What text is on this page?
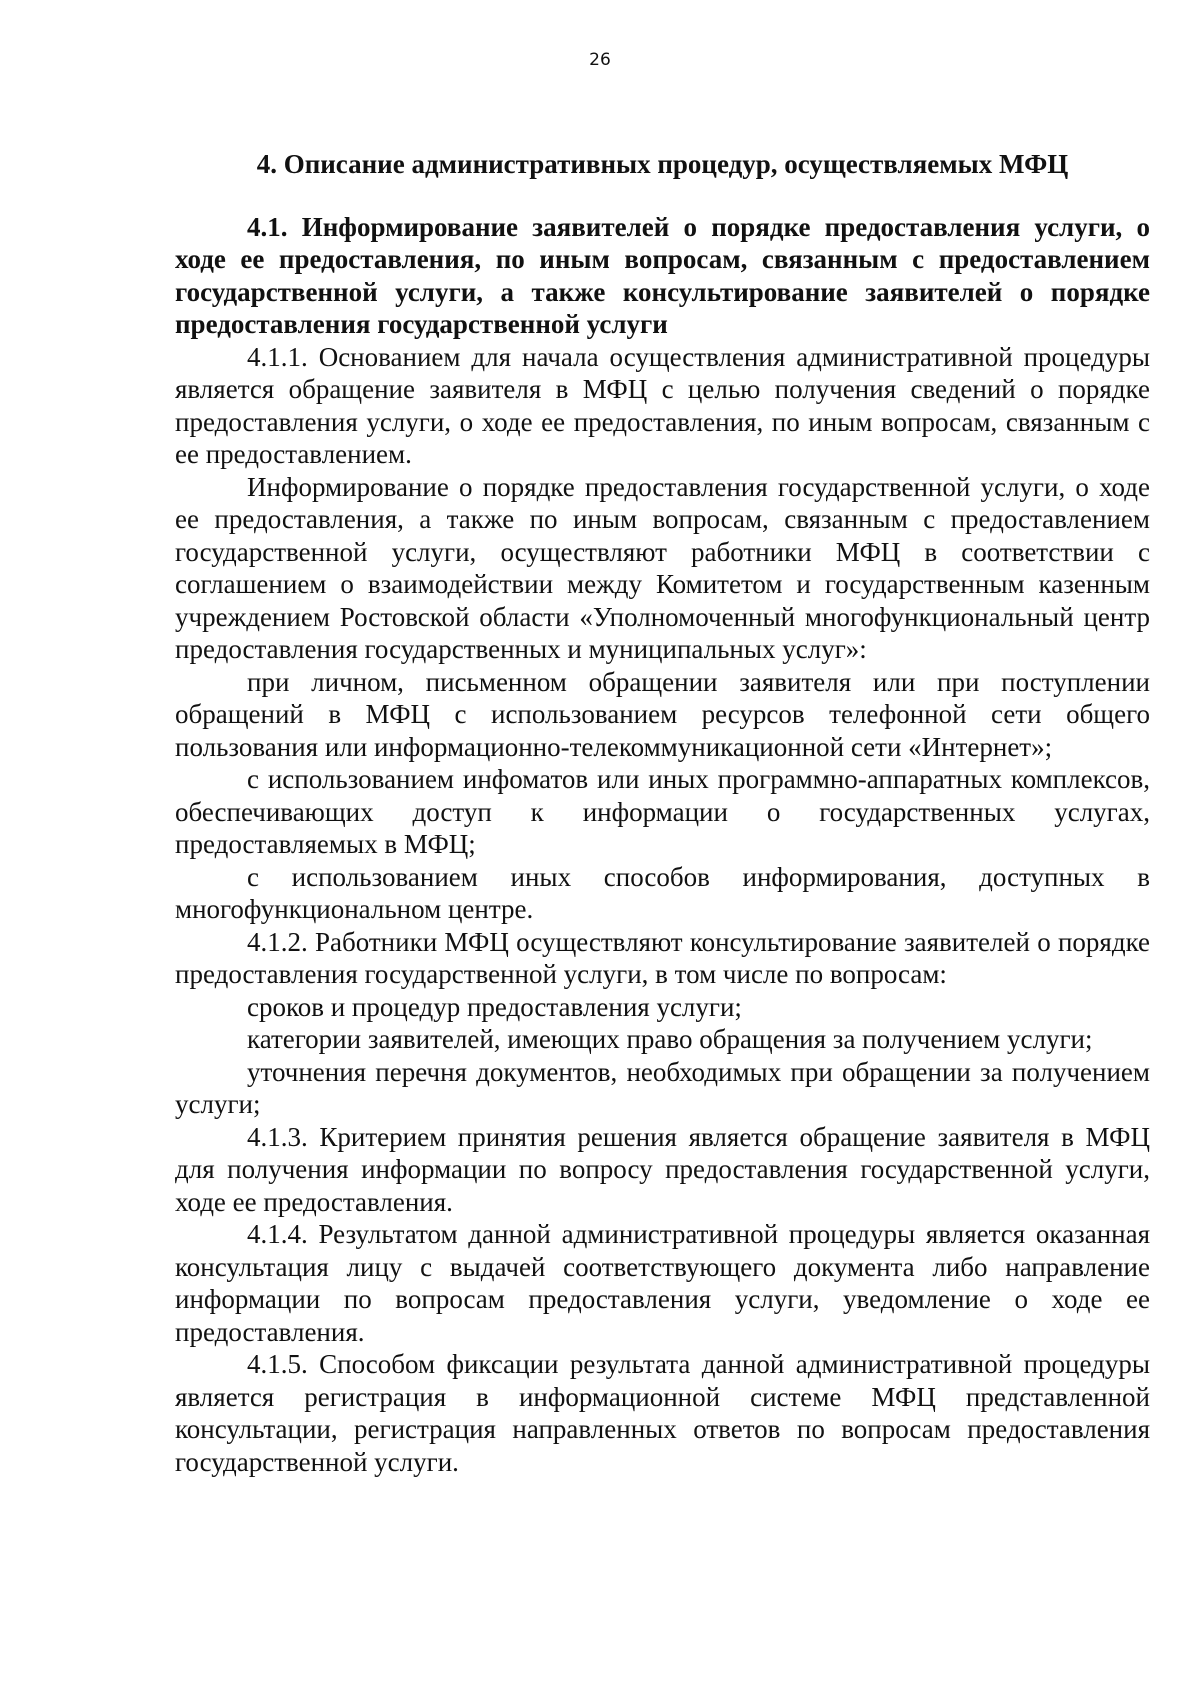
26
4. Описание административных процедур, осуществляемых МФЦ
4.1. Информирование заявителей о порядке предоставления услуги, о ходе ее предоставления, по иным вопросам, связанным с предоставлением государственной услуги, а также консультирование заявителей о порядке предоставления государственной услуги

4.1.1. Основанием для начала осуществления административной процедуры является обращение заявителя в МФЦ с целью получения сведений о порядке предоставления услуги, о ходе ее предоставления, по иным вопросам, связанным с ее предоставлением.

Информирование о порядке предоставления государственной услуги, о ходе ее предоставления, а также по иным вопросам, связанным с предоставлением государственной услуги, осуществляют работники МФЦ в соответствии с соглашением о взаимодействии между Комитетом и государственным казенным учреждением Ростовской области «Уполномоченный многофункциональный центр предоставления государственных и муниципальных услуг»:

при личном, письменном обращении заявителя или при поступлении обращений в МФЦ с использованием ресурсов телефонной сети общего пользования или информационно-телекоммуникационной сети «Интернет»;

с использованием инфоматов или иных программно-аппаратных комплексов, обеспечивающих доступ к информации о государственных услугах, предоставляемых в МФЦ;

с использованием иных способов информирования, доступных в многофункциональном центре.

4.1.2. Работники МФЦ осуществляют консультирование заявителей о порядке предоставления государственной услуги, в том числе по вопросам:

сроков и процедур предоставления услуги;

категории заявителей, имеющих право обращения за получением услуги;

уточнения перечня документов, необходимых при обращении за получением услуги;

4.1.3. Критерием принятия решения является обращение заявителя в МФЦ для получения информации по вопросу предоставления государственной услуги, ходе ее предоставления.

4.1.4. Результатом данной административной процедуры является оказанная консультация лицу с выдачей соответствующего документа либо направление информации по вопросам предоставления услуги, уведомление о ходе ее предоставления.

4.1.5. Способом фиксации результата данной административной процедуры является регистрация в информационной системе МФЦ представленной консультации, регистрация направленных ответов по вопросам предоставления государственной услуги.
